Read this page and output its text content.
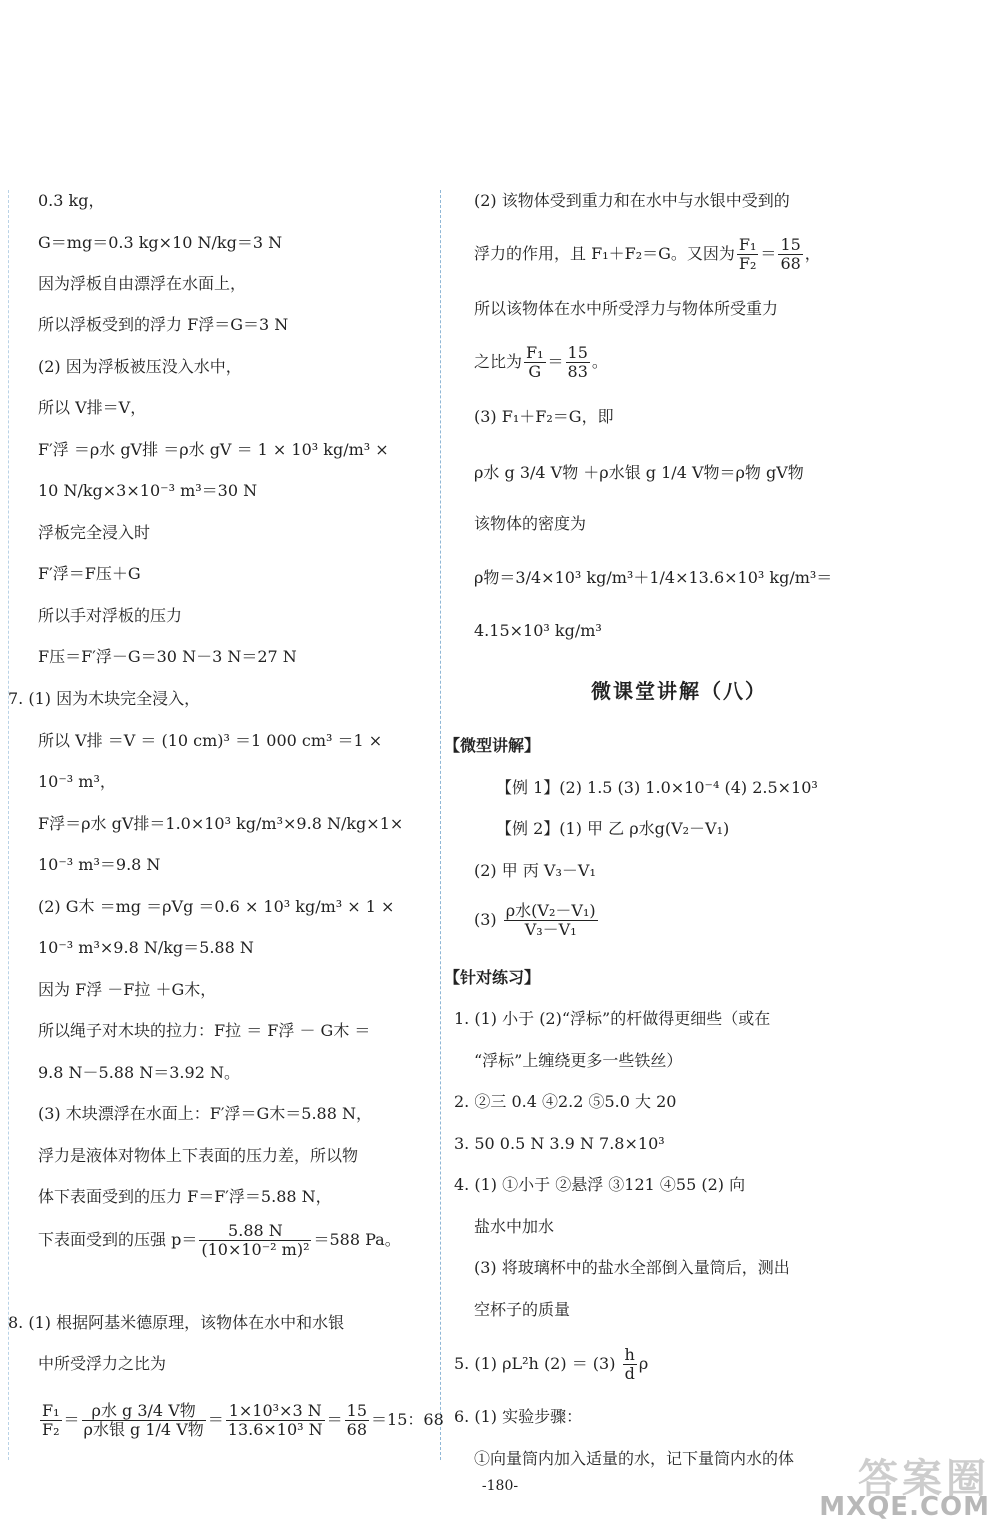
0.3 kg，
G＝mg＝0.3 kg×10 N/kg＝3 N
因为浮板自由漂浮在水面上，
所以浮板受到的浮力 F浮＝G＝3 N
(2) 因为浮板被压没入水中，
所以 V排＝V，
F′浮 ＝ρ水 gV排 ＝ρ水 gV ＝ 1 × 10³ kg/m³ ×
10 N/kg×3×10⁻³ m³＝30 N
浮板完全浸入时
F′浮＝F压＋G
所以手对浮板的压力
F压＝F′浮－G＝30 N－3 N＝27 N
7. (1) 因为木块完全浸入，
所以 V排 ＝V ＝ (10 cm)³ ＝1 000 cm³ ＝1 ×
10⁻³ m³，
F浮＝ρ水 gV排＝1.0×10³ kg/m³×9.8 N/kg×1×
10⁻³ m³＝9.8 N
(2) G木 ＝mg ＝ρVg ＝0.6 × 10³ kg/m³ × 1 ×
10⁻³ m³×9.8 N/kg＝5.88 N
因为 F浮 －F拉 ＋G木，
所以绳子对木块的拉力：F拉 ＝ F浮 － G木 ＝
9.8 N－5.88 N＝3.92 N。
(3) 木块漂浮在水面上：F′浮＝G木＝5.88 N，
浮力是液体对物体上下表面的压力差，所以物
体下表面受到的压力 F＝F′浮＝5.88 N，
下表面受到的压强 $p= \frac{5.88 N}{\text{(10×10⁻² m)²}} =588$ Pa。
8. (1) 根据阿基米德原理，该物体在水中和水银
中所受浮力之比为
$\frac{\text{F₁}}{\text{F₂}} = \frac{\text{ρ水 g 3/4 V物}}{\text{ρ水银 g 1/4 V物}} = \frac{\text{1×10³×3 N}}{\text{13.6×10³ N}} = \frac{15}{68} =15$：68
(2) 该物体受到重力和在水中与水银中受到的
浮力的作用，且 F₁＋F₂＝G。又因为 $\frac{\text{F₁}}{\text{F₂}} = \frac{15}{68}$ ，
所以该物体在水中所受浮力与物体所受重力
之比为 $\frac{\text{F₁}}{G} = \frac{15}{83}$ 。
(3) F₁＋F₂＝G，即
ρ水 g 3/4 V物 ＋ρ水银 g 1/4 V物＝ρ物 gV物
该物体的密度为
ρ物＝3/4×10³ kg/m³＋1/4×13.6×10³ kg/m³＝
4.15×10³ kg/m³
微课堂讲解（八）
【微型讲解】
【例 1】(2) 1.5 (3) 1.0×10⁻⁴ (4) 2.5×10³
【例 2】(1) 甲 乙 ρ水g(V₂－V₁)
(2) 甲 丙 V₃－V₁
$(3) \frac{\text{ρ水(V₂－V₁)}}{\text{V₃－V₁}}$
【针对练习】
1. (1) 小于 (2)“浮标”的杆做得更细些（或在
“浮标”上缠绕更多一些铁丝）
2. ②三 0.4 ④2.2 ⑤5.0 大 20
3. 50 0.5 N 3.9 N 7.8×10³
4. (1) ①小于 ②悬浮 ③121 ④55 (2) 向
盐水中加水
(3) 将玻璃杯中的盐水全部倒入量筒后，测出
空杯子的质量
5. (1) ρL²h $(2) = (3) \frac{h}{d}$ ρ
6. (1) 实验步骤：
①向量筒内加入适量的水，记下量筒内水的体
-180-	答案圈
MXQE.COM
